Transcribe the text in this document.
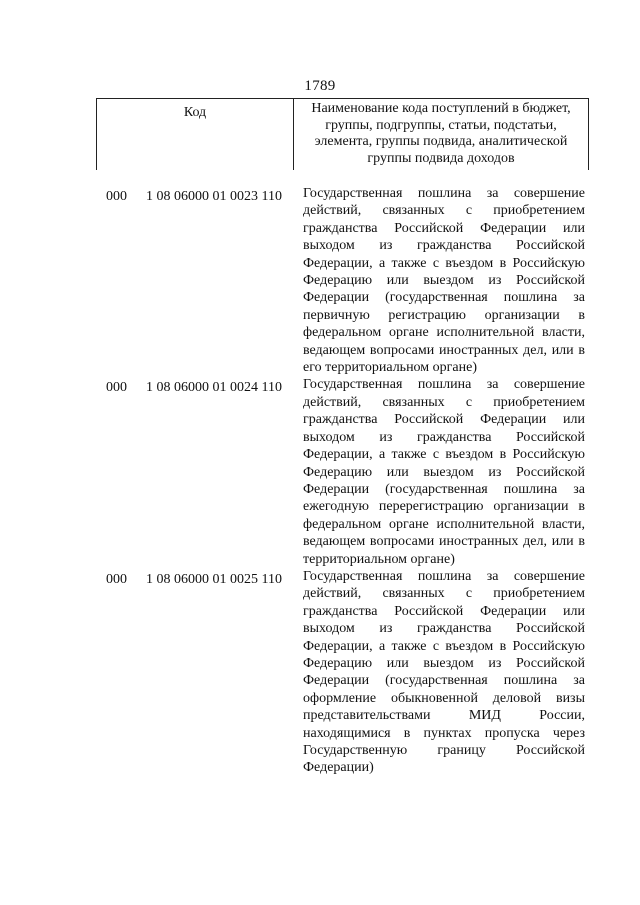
1789
Код	Наименование кода поступлений в бюджет, группы, подгруппы, статьи, подстатьи, элемента, группы подвида, аналитической группы подвида доходов
000 1 08 06000 01 0023 110 Государственная пошлина за совершение действий, связанных с приобретением гражданства Российской Федерации или выходом из гражданства Российской Федерации, а также с въездом в Российскую Федерацию или выездом из Российской Федерации (государственная пошлина за первичную регистрацию организации в федеральном органе исполнительной власти, ведающем вопросами иностранных дел, или в его территориальном органе)
000 1 08 06000 01 0024 110 Государственная пошлина за совершение действий, связанных с приобретением гражданства Российской Федерации или выходом из гражданства Российской Федерации, а также с въездом в Российскую Федерацию или выездом из Российской Федерации (государственная пошлина за ежегодную перерегистрацию организации в федеральном органе исполнительной власти, ведающем вопросами иностранных дел, или в территориальном органе)
000 1 08 06000 01 0025 110 Государственная пошлина за совершение действий, связанных с приобретением гражданства Российской Федерации или выходом из гражданства Российской Федерации, а также с въездом в Российскую Федерацию или выездом из Российской Федерации (государственная пошлина за оформление обыкновенной деловой визы представительствами МИД России, находящимися в пунктах пропуска через Государственную границу Российской Федерации)
